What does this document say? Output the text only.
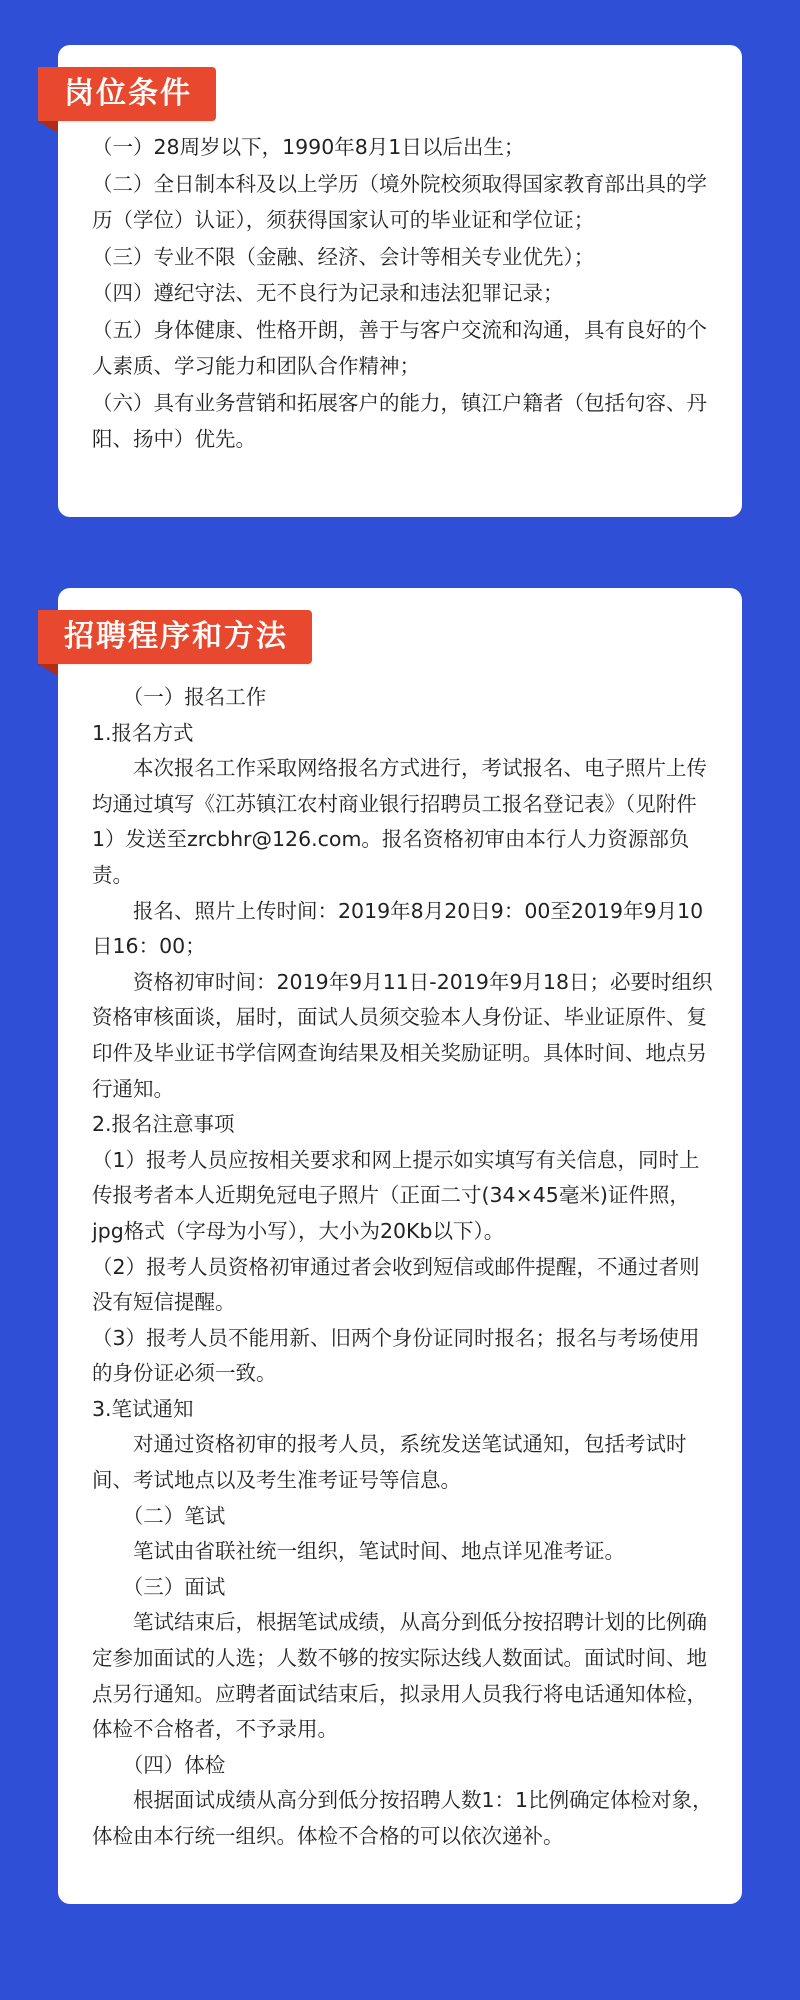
岗位条件

（一）28周岁以下，1990年8月1日以后出生；

（二）全日制本科及以上学历（境外院校须取得国家教育部出具的学历（学位）认证），须获得国家认可的毕业证和学位证；

（三）专业不限（金融、经济、会计等相关专业优先）；

（四）遵纪守法、无不良行为记录和违法犯罪记录；

（五）身体健康、性格开朗，善于与客户交流和沟通，具有良好的个人素质、学习能力和团队合作精神；

（六）具有业务营销和拓展客户的能力，镇江户籍者（包括句容、丹阳、扬中）优先。

招聘程序和方法

（一）报名工作

1.报名方式

本次报名工作采取网络报名方式进行，考试报名、电子照片上传均通过填写《江苏镇江农村商业银行招聘员工报名登记表》（见附件1）发送至zrcbhr@126.com。报名资格初审由本行人力资源部负责。

报名、照片上传时间：2019年8月20日9：00至2019年9月10日16：00；

资格初审时间：2019年9月11日-2019年9月18日；必要时组织资格审核面谈，届时，面试人员须交验本人身份证、毕业证原件、复印件及毕业证书学信网查询结果及相关奖励证明。具体时间、地点另行通知。

2.报名注意事项

（1）报考人员应按相关要求和网上提示如实填写有关信息，同时上传报考者本人近期免冠电子照片（正面二寸(34×45毫米)证件照，jpg格式（字母为小写），大小为20Kb以下）。

（2）报考人员资格初审通过者会收到短信或邮件提醒，不通过者则没有短信提醒。

（3）报考人员不能用新、旧两个身份证同时报名；报名与考场使用的身份证必须一致。

3.笔试通知

对通过资格初审的报考人员，系统发送笔试通知，包括考试时间、考试地点以及考生准考证号等信息。

（二）笔试

笔试由省联社统一组织，笔试时间、地点详见准考证。

（三）面试

笔试结束后，根据笔试成绩，从高分到低分按招聘计划的比例确定参加面试的人选；人数不够的按实际达线人数面试。面试时间、地点另行通知。应聘者面试结束后，拟录用人员我行将电话通知体检，体检不合格者，不予录用。

（四）体检

根据面试成绩从高分到低分按招聘人数1：1比例确定体检对象，体检由本行统一组织。体检不合格的可以依次递补。
